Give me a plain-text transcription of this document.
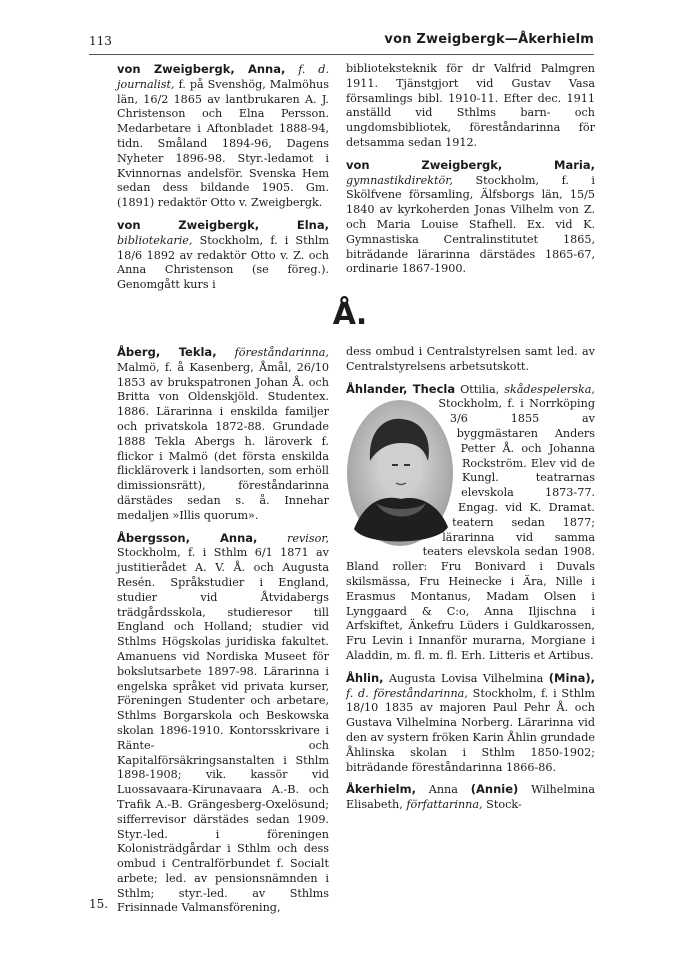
113	von Zweigbergk—Åkerhielm

von Zweigbergk, Anna, f. d. journalist, f. på Svenshög, Malmöhus län, 16/2 1865 av lantbrukaren A. J. Christenson och Elna Persson. Medarbetare i Aftonbladet 1888-94, tidn. Småland 1894-96, Dagens Nyheter 1896-98. Styr.-ledamot i Kvinnornas andelsför. Svenska Hem sedan dess bildande 1905. Gm. (1891) redaktör Otto v. Zweigbergk.

von Zweigbergk, Elna, bibliotekarie, Stockholm, f. i Sthlm 18/6 1892 av redaktör Otto v. Z. och Anna Christenson (se föreg.). Genomgått kurs i

biblioteksteknik för dr Valfrid Palmgren 1911. Tjänstgjort vid Gustav Vasa församlings bibl. 1910-11. Efter dec. 1911 anställd vid Sthlms barn- och ungdomsbibliotek, föreståndarinna för detsamma sedan 1912.

von Zweigbergk, Maria, gymnastikdirektör, Stockholm, f. i Skölfvene församling, Älfsborgs län, 15/5 1840 av kyrkoherden Jonas Vilhelm von Z. och Maria Louise Stafhell. Ex. vid K. Gymnastiska Centralinstitutet 1865, biträdande lärarinna därstädes 1865-67, ordinarie 1867-1900.

Å.

Åberg, Tekla, föreståndarinna, Malmö, f. å Kasenberg, Åmål, 26/10 1853 av brukspatronen Johan Å. och Britta von Oldenskjöld. Studentex. 1886. Lärarinna i enskilda familjer och privatskola 1872-88. Grundade 1888 Tekla Abergs h. läroverk f. flickor i Malmö (det första enskilda flickläroverk i landsorten, som erhöll dimissionsrätt), föreståndarinna därstädes sedan s. å. Innehar medaljen »Illis quorum».

Åbergsson, Anna,	revisor, Stockholm, f. i Sthlm 6/1 1871 av justitierådet A. V. Å. och Augusta Resén. Språkstudier i England, studier vid Åtvidabergs trädgårdsskola, studieresor till England och Holland; studier vid Sthlms Högskolas juridiska fakultet. Amanuens vid Nordiska Museet för bokslutsarbete 1897-98. Lärarinna i engelska språket vid privata kurser, Föreningen Studenter och arbetare, Sthlms Borgarskola och Beskowska skolan 1896-1910. Kontorsskrivare i Ränte- och Kapitalförsäkringsanstalten i Sthlm 1898-1908; vik. kassör vid Luossavaara-Kirunavaara A.-B. och Trafik A.-B. Grängesberg-Oxelösund; sifferrevisor därstädes sedan 1909. Styr.-led. i föreningen Kolonisträdgårdar i Sthlm och dess ombud i Centralförbundet f. Socialt arbete; led. av pensionsnämnden i Sthlm; styr.-led. av Sthlms Frisinnade Valmansförening,

dess ombud i Centralstyrelsen samt led. av Centralstyrelsens arbetsutskott.

Åhlander, Thecla Ottilia, skådespelerska,
Stockholm, f. i Norrköping 3/6 1855 av byggmästaren Anders Petter Å. och Johanna Rockström. Elev vid de Kungl. teatrarnas elevskola 1873-77. Engag. vid K. Dramat. teatern sedan 1877; lärarinna vid samma teaters elevskola sedan 1908. Bland roller: Fru Bonivard i Duvals skilsmässa, Fru Heinecke i Ära, Nille i Erasmus Montanus, Madam Olsen i Lynggaard & C:o, Anna Iljischna i Arfskiftet, Änkefru Lüders i Guldkarossen, Fru Levin i Innanför murarna, Morgiane i Aladdin, m. fl. m. fl. Erh. Litteris et Artibus.

Åhlin, Augusta Lovisa Vilhelmina (Mina), f. d. föreståndarinna, Stockholm, f. i Sthlm 18/10 1835 av majoren Paul Pehr Å. och Gustava Vilhelmina Norberg. Lärarinna vid den av systern fröken Karin Åhlin grundade Åhlinska skolan i Sthlm 1850-1902; biträdande föreståndarinna 1866-86.

Åkerhielm, Anna (Annie) Wilhelmina Elisabeth, författarinna, Stock-

15.
